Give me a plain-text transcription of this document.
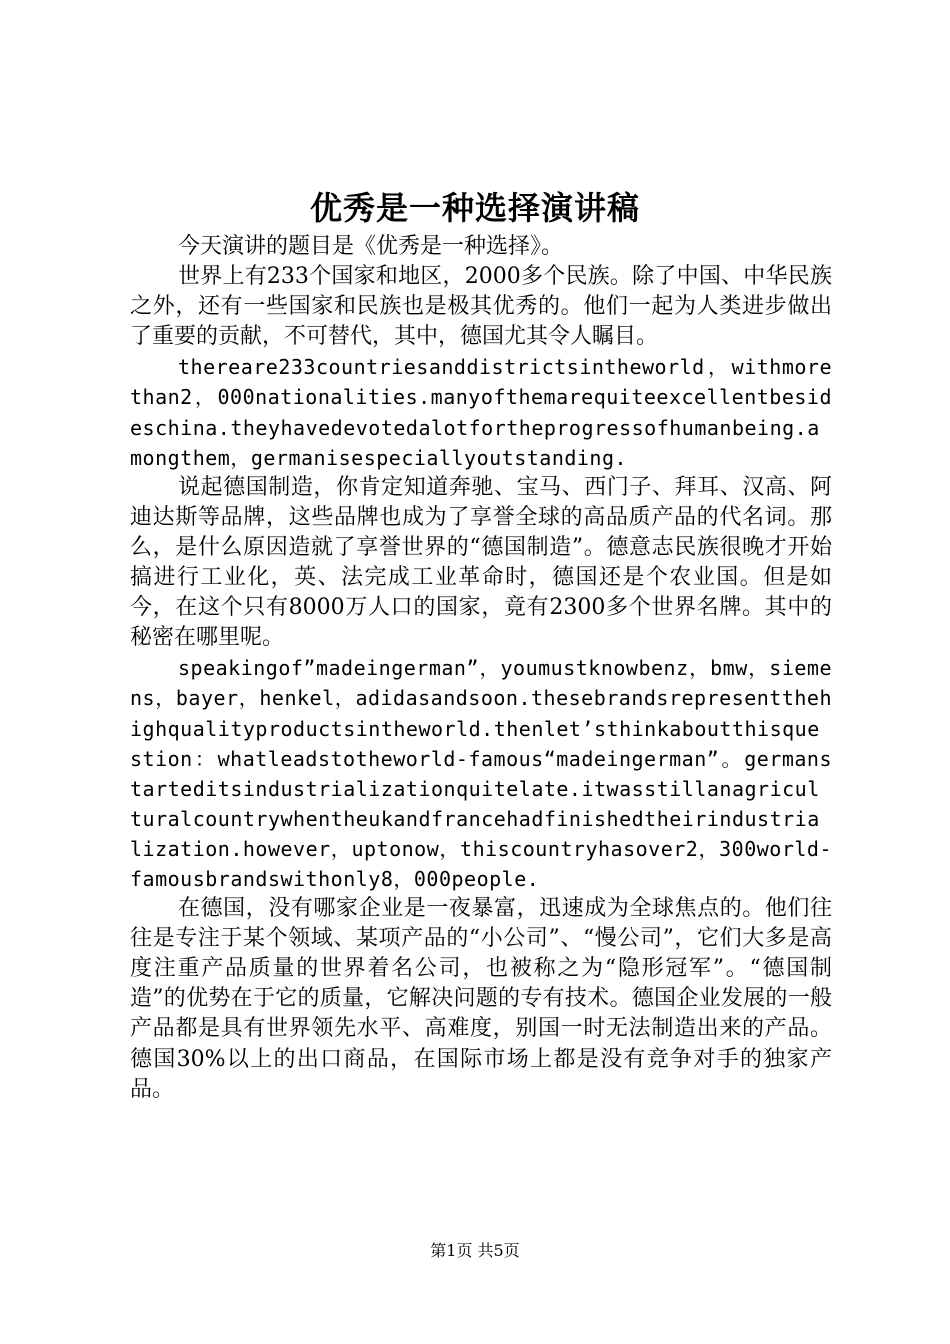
优秀是一种选择演讲稿

今天演讲的题目是《优秀是一种选择》。

世界上有233个国家和地区，2000多个民族。除了中国、中华民族之外，还有一些国家和民族也是极其优秀的。他们一起为人类进步做出了重要的贡献，不可替代，其中，德国尤其令人瞩目。

thereare233countriesanddistrictsintheworld，withmorethan2，000nationalities.manyofthemarequiteexcellentbesideschina.theyhavedevotedalotfortheprogressofhumanbeing.amongthem，germanisespeciallyoutstanding.

说起德国制造，你肯定知道奔驰、宝马、西门子、拜耳、汉高、阿迪达斯等品牌，这些品牌也成为了享誉全球的高品质产品的代名词。那么，是什么原因造就了享誉世界的“德国制造”。德意志民族很晚才开始搞进行工业化，英、法完成工业革命时，德国还是个农业国。但是如今，在这个只有8000万人口的国家，竟有2300多个世界名牌。其中的秘密在哪里呢。

speakingof”madeingerman”，youmustknowbenz，bmw，siemens，bayer，henkel，adidasandsoon.thesebrandsrepresentthehighqualityproductsintheworld.thenlet’sthinkaboutthisquestion：whatleadstotheworld-famous“madeingerman”。germanstarteditsindustrializationquitelate.itwasstillanagriculturalcountrywhentheukandfrancehadfinishedtheirindustrialization.however，uptonow，thiscountryhasover2，300world-famousbrandswithonly8，000people.

在德国，没有哪家企业是一夜暴富，迅速成为全球焦点的。他们往往是专注于某个领域、某项产品的“小公司”、“慢公司”，它们大多是高度注重产品质量的世界着名公司，也被称之为“隐形冠军”。“德国制造”的优势在于它的质量，它解决问题的专有技术。德国企业发展的一般产品都是具有世界领先水平、高难度，别国一时无法制造出来的产品。德国30%以上的出口商品，在国际市场上都是没有竞争对手的独家产品。

第1页 共5页
